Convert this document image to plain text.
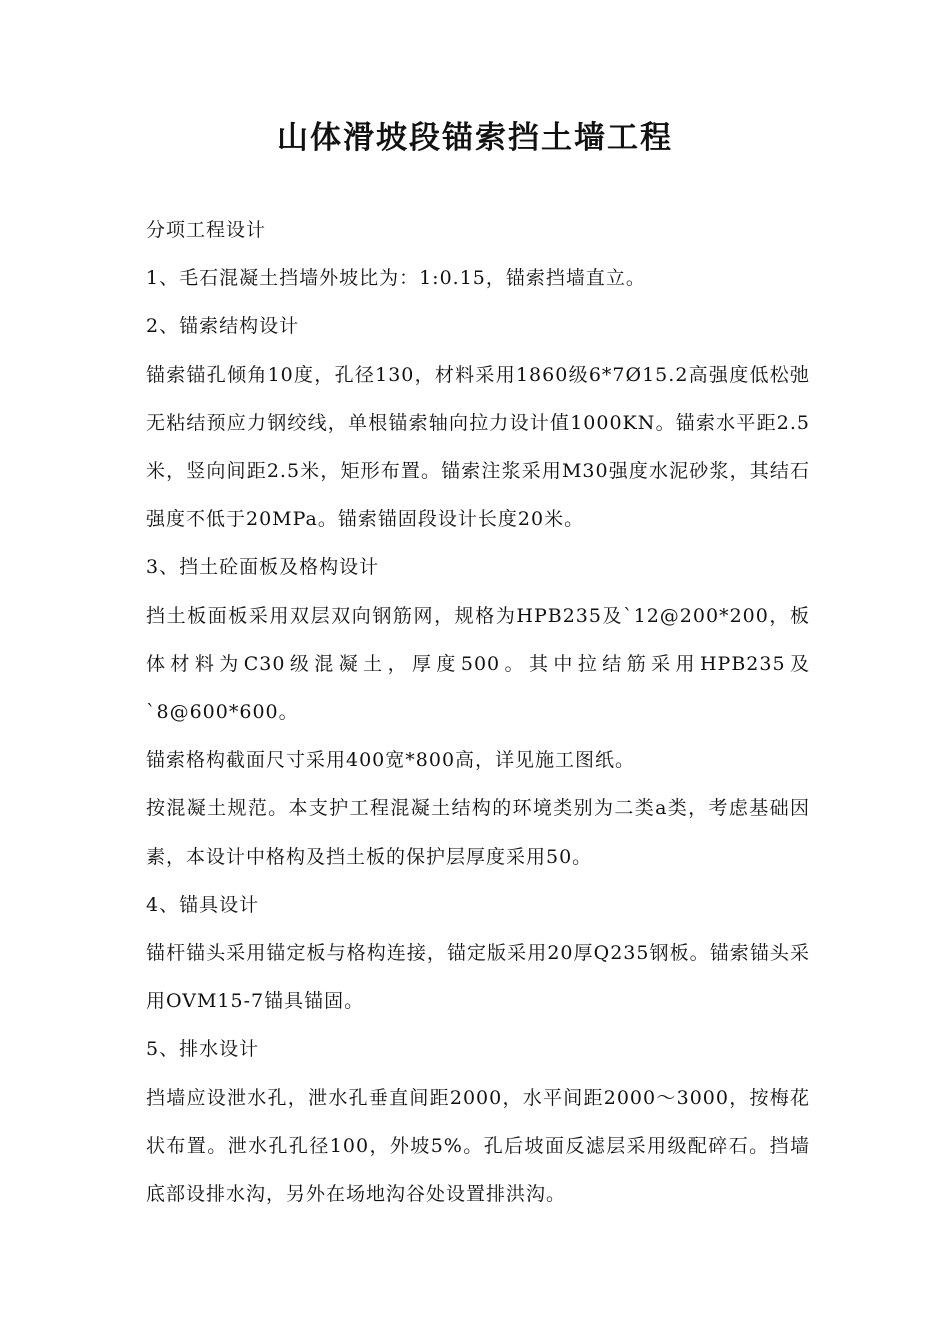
山体滑坡段锚索挡土墙工程

分项工程设计

1、毛石混凝土挡墙外坡比为：1:0.15，锚索挡墙直立。

2、锚索结构设计

锚索锚孔倾角10度，孔径130，材料采用1860级6*7Ø15.2高强度低松弛无粘结预应力钢绞线，单根锚索轴向拉力设计值1000KN。锚索水平距2.5米，竖向间距2.5米，矩形布置。锚索注浆采用M30强度水泥砂浆，其结石强度不低于20MPa。锚索锚固段设计长度20米。

3、挡土砼面板及格构设计

挡土板面板采用双层双向钢筋网，规格为HPB235及`12@200*200，板体材料为C30级混凝土，厚度500。其中拉结筋采用HPB235及`8@600*600。

锚索格构截面尺寸采用400宽*800高，详见施工图纸。

按混凝土规范。本支护工程混凝土结构的环境类别为二类a类，考虑基础因素，本设计中格构及挡土板的保护层厚度采用50。

4、锚具设计

锚杆锚头采用锚定板与格构连接，锚定版采用20厚Q235钢板。锚索锚头采用OVM15-7锚具锚固。

5、排水设计

挡墙应设泄水孔，泄水孔垂直间距2000，水平间距2000～3000，按梅花状布置。泄水孔孔径100，外坡5%。孔后坡面反滤层采用级配碎石。挡墙底部设排水沟，另外在场地沟谷处设置排洪沟。
